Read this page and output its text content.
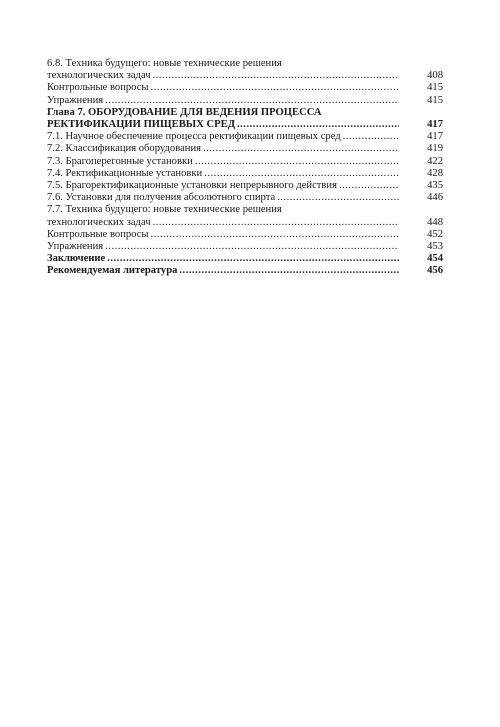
6.8. Техника будущего: новые технические решения
технологических задач .....	408
Контрольные вопросы .....	415
Упражнения .....	415
Глава 7. ОБОРУДОВАНИЕ ДЛЯ ВЕДЕНИЯ ПРОЦЕССА
РЕКТИФИКАЦИИ ПИЩЕВЫХ СРЕД .....	417
7.1. Научное обеспечение процесса ректификации пищевых сред .....	417
7.2. Классификация оборудования .....	419
7.3. Брагоперегонные установки .....	422
7.4. Ректификационные установки .....	428
7.5. Брагоректификационные установки непрерывного действия .....	435
7.6. Установки для получения абсолютного спирта .....	446
7.7. Техника будущего: новые технические решения
технологических задач .....	448
Контрольные вопросы .....	452
Упражнения .....	453
Заключение .....	454
Рекомендуемая литература .....	456
